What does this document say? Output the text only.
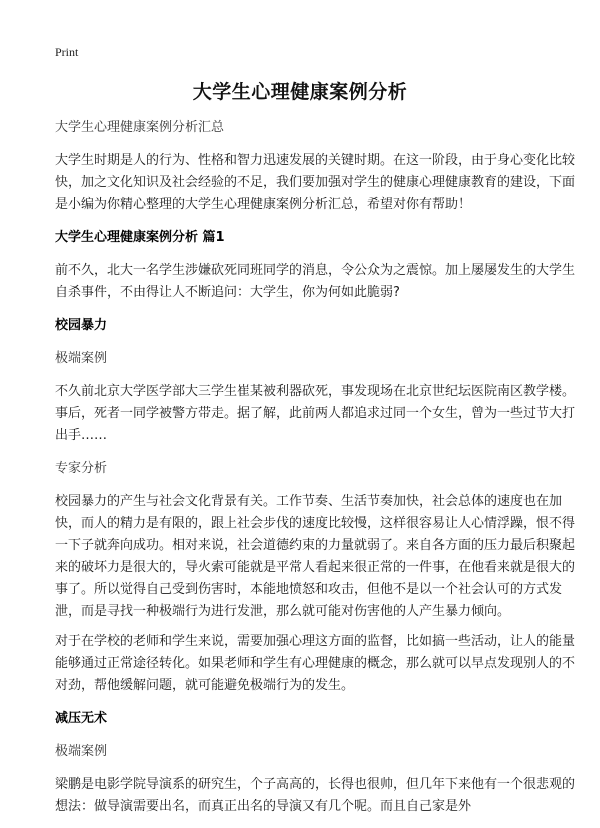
Print
大学生心理健康案例分析

大学生心理健康案例分析汇总

大学生时期是人的行为、性格和智力迅速发展的关键时期。在这一阶段，由于身心变化比较快，加之文化知识及社会经验的不足，我们要加强对学生的健康心理健康教育的建设，下面是小编为你精心整理的大学生心理健康案例分析汇总，希望对你有帮助！

大学生心理健康案例分析 篇1

前不久，北大一名学生涉嫌砍死同班同学的消息，令公众为之震惊。加上屡屡发生的大学生自杀事件，不由得让人不断追问：大学生，你为何如此脆弱?

校园暴力

极端案例

不久前北京大学医学部大三学生崔某被利器砍死，事发现场在北京世纪坛医院南区教学楼。事后，死者一同学被警方带走。据了解，此前两人都追求过同一个女生，曾为一些过节大打出手……

专家分析

校园暴力的产生与社会文化背景有关。工作节奏、生活节奏加快，社会总体的速度也在加快，而人的精力是有限的，跟上社会步伐的速度比较慢，这样很容易让人心情浮躁，恨不得一下子就奔向成功。相对来说，社会道德约束的力量就弱了。来自各方面的压力最后积聚起来的破坏力是很大的，导火索可能就是平常人看起来很正常的一件事，在他看来就是很大的事了。所以觉得自己受到伤害时，本能地愤怒和攻击，但他不是以一个社会认可的方式发泄，而是寻找一种极端行为进行发泄，那么就可能对伤害他的人产生暴力倾向。

对于在学校的老师和学生来说，需要加强心理这方面的监督，比如搞一些活动，让人的能量能够通过正常途径转化。如果老师和学生有心理健康的概念，那么就可以早点发现别人的不对劲，帮他缓解问题，就可能避免极端行为的发生。

减压无术

极端案例

梁鹏是电影学院导演系的研究生，个子高高的，长得也很帅，但几年下来他有一个很悲观的想法：做导演需要出名，而真正出名的导演又有几个呢。而且自己家是外
